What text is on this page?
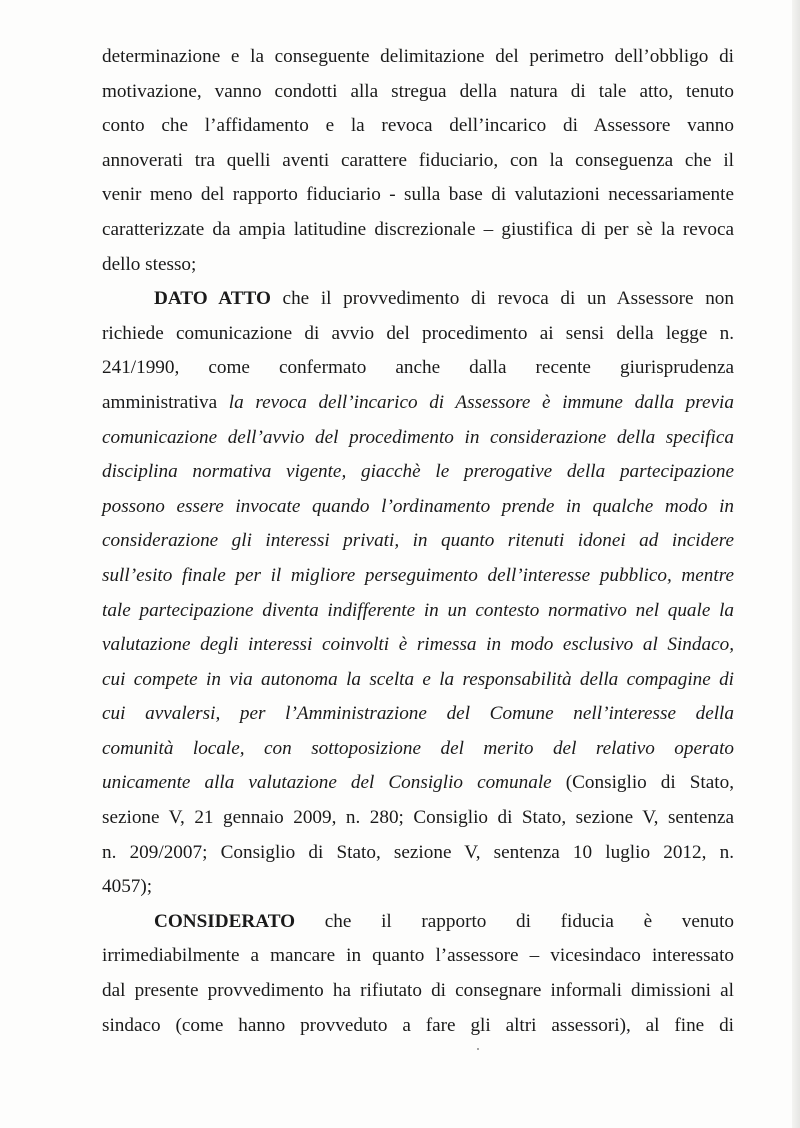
determinazione e la conseguente delimitazione del perimetro dell’obbligo di

motivazione, vanno condotti alla stregua della natura di tale atto, tenuto

conto che l’affidamento e la revoca dell’incarico di Assessore vanno

annoverati tra quelli aventi carattere fiduciario, con la conseguenza che il

venir meno del rapporto fiduciario - sulla base di valutazioni necessariamente

caratterizzate da ampia latitudine discrezionale – giustifica di per sè la revoca

dello stesso;

DATO ATTO che il provvedimento di revoca di un Assessore non

richiede comunicazione di avvio del procedimento ai sensi della legge n.

241/1990, come confermato anche dalla recente giurisprudenza

amministrativa la revoca dell’incarico di Assessore è immune dalla previa

comunicazione dell’avvio del procedimento in considerazione della specifica

disciplina normativa vigente, giacchè le prerogative della partecipazione

possono essere invocate quando l’ordinamento prende in qualche modo in

considerazione gli interessi privati, in quanto ritenuti idonei ad incidere

sull’esito finale per il migliore perseguimento dell’interesse pubblico, mentre

tale partecipazione diventa indifferente in un contesto normativo nel quale la

valutazione degli interessi coinvolti è rimessa in modo esclusivo al Sindaco,

cui compete in via autonoma la scelta e la responsabilità della compagine di

cui avvalersi, per l’Amministrazione del Comune nell’interesse della

comunità locale, con sottoposizione del merito del relativo operato

unicamente alla valutazione del Consiglio comunale (Consiglio di Stato,

sezione V, 21 gennaio 2009, n. 280; Consiglio di Stato, sezione V, sentenza

n. 209/2007; Consiglio di Stato, sezione V, sentenza 10 luglio 2012, n.

4057);

CONSIDERATO che il rapporto di fiducia è venuto

irrimediabilmente a mancare in quanto l’assessore – vicesindaco interessato

dal presente provvedimento ha rifiutato di consegnare informali dimissioni al

sindaco (come hanno provveduto a fare gli altri assessori), al fine di
